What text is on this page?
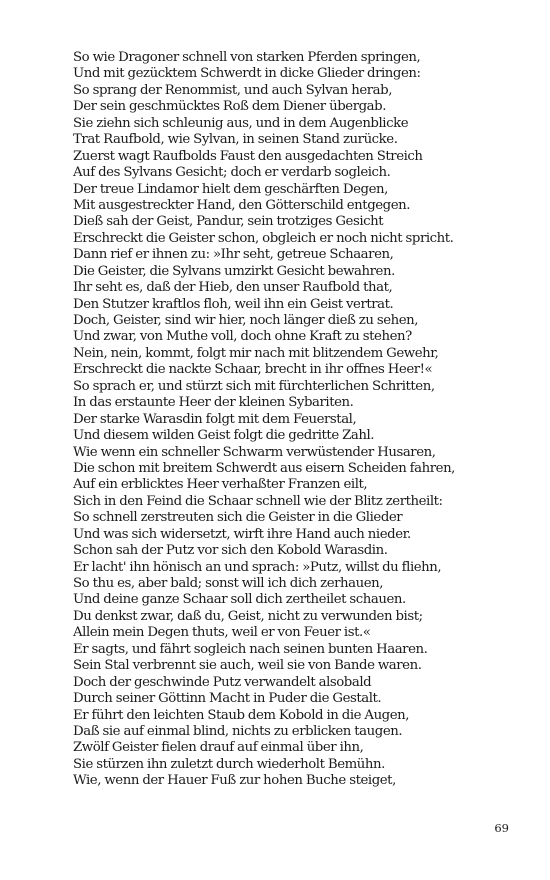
So wie Dragoner schnell von starken Pferden springen,
Und mit gezücktem Schwerdt in dicke Glieder dringen:
So sprang der Renommist, und auch Sylvan herab,
Der sein geschmücktes Roß dem Diener übergab.
Sie ziehn sich schleunig aus, und in dem Augenblicke
Trat Raufbold, wie Sylvan, in seinen Stand zurücke.
Zuerst wagt Raufbolds Faust den ausgedachten Streich
Auf des Sylvans Gesicht; doch er verdarb sogleich.
Der treue Lindamor hielt dem geschärften Degen,
Mit ausgestreckter Hand, den Götterschild entgegen.
Dieß sah der Geist, Pandur, sein trotziges Gesicht
Erschreckt die Geister schon, obgleich er noch nicht spricht.
Dann rief er ihnen zu: »Ihr seht, getreue Schaaren,
Die Geister, die Sylvans umzirkt Gesicht bewahren.
Ihr seht es, daß der Hieb, den unser Raufbold that,
Den Stutzer kraftlos floh, weil ihn ein Geist vertrat.
Doch, Geister, sind wir hier, noch länger dieß zu sehen,
Und zwar, von Muthe voll, doch ohne Kraft zu stehen?
Nein, nein, kommt, folgt mir nach mit blitzendem Gewehr,
Erschreckt die nackte Schaar, brecht in ihr offnes Heer!«
So sprach er, und stürzt sich mit fürchterlichen Schritten,
In das erstaunte Heer der kleinen Sybariten.
Der starke Warasdin folgt mit dem Feuerstal,
Und diesem wilden Geist folgt die gedritte Zahl.
Wie wenn ein schneller Schwarm verwüstender Husaren,
Die schon mit breitem Schwerdt aus eisern Scheiden fahren,
Auf ein erblicktes Heer verhaßter Franzen eilt,
Sich in den Feind die Schaar schnell wie der Blitz zertheilt:
So schnell zerstreuten sich die Geister in die Glieder
Und was sich widersetzt, wirft ihre Hand auch nieder.
Schon sah der Putz vor sich den Kobold Warasdin.
Er lacht' ihn hönisch an und sprach: »Putz, willst du fliehn,
So thu es, aber bald; sonst will ich dich zerhauen,
Und deine ganze Schaar soll dich zertheilet schauen.
Du denkst zwar, daß du, Geist, nicht zu verwunden bist;
Allein mein Degen thuts, weil er von Feuer ist.«
Er sagts, und fährt sogleich nach seinen bunten Haaren.
Sein Stal verbrennt sie auch, weil sie von Bande waren.
Doch der geschwinde Putz verwandelt alsobald
Durch seiner Göttinn Macht in Puder die Gestalt.
Er führt den leichten Staub dem Kobold in die Augen,
Daß sie auf einmal blind, nichts zu erblicken taugen.
Zwölf Geister fielen drauf auf einmal über ihn,
Sie stürzen ihn zuletzt durch wiederholt Bemühn.
Wie, wenn der Hauer Fuß zur hohen Buche steiget,
69
